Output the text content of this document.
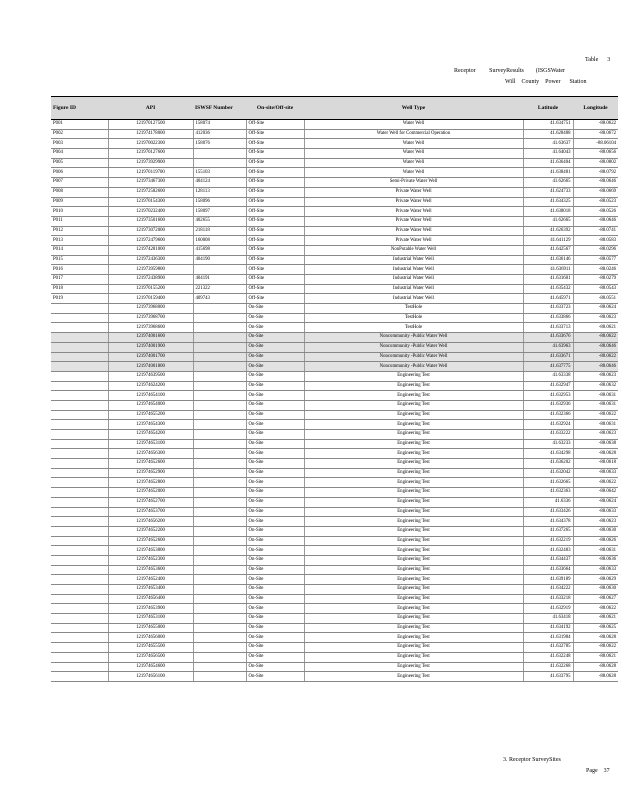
Table 3
Receptor SurveyResults (ISGSWater
Will County Power Station
Figure ID	API	ISWSF Number	On-site/Off-site	Well Type	Latitude	Longitude
P001	121970127500	158074	Off-Site	Water Well	41.634751	-88.0622
P002	121974178000	412036	Off-Site	Water Well for Commercial Operation	41.628488	-88.0672
P003	121970022300	158076	Off-Site	Water Well	41.63637	-88.06104
P004	121970127600		Off-Site	Water Well	41.64043	-88.0656
P005	121973929900		Off-Site	Water Well	41.636404	-88.0802
P006	121970119700	155103	Off-Site	Water Well	41.638481	-88.0792
P007	121973467300	404124	Off-Site	Semi-Private Water Well	41.62665	-88.0646
P008	121972582600	128113	Off-Site	Private Water Well	41.624733	-88.0669
P009	121970154300	158096	Off-Site	Private Water Well	41.634325	-88.0523
P010	121970232400	158097	Off-Site	Private Water Well	41.638018	-88.0526
P011	121973501600	402655	Off-Site	Private Water Well	41.62665	-88.0646
P012	121973072000	218118	Off-Site	Private Water Well	41.626392	-88.0741
P013	121972479600	160008	Off-Site	Private Water Well	41.641129	-88.0583
P014	121974281000	415698	Off-Site	NonPotable Water Well	41.642567	-88.0296
P015	121972436300	404190	Off-Site	Industrial Water Well	41.636146	-88.0577
P016	121973959800		Off-Site	Industrial Water Well	41.636911	-88.0246
P017	121972438900	404191	Off-Site	Industrial Water Well	41.631601	-88.0279
P018	121970155200	221322	Off-Site	Industrial Water Well	41.635432	-88.0543
P019	121970159400	409743	Off-Site	Industrial Water Well	41.645971	-88.0551
	121973968000		On-Site	TestHole	41.633723	-88.0624
	121973968700		On-Site	TestHole	41.633866	-88.0623
	121973968600		On-Site	TestHole	41.633713	-88.0621
	121974001600		On-Site	Noncommunity -Public Water Well	41.633676	-88.0622
	121974001900		On-Site	Noncommunity -Public Water Well	41.63963	-88.0646
	121974001700		On-Site	Noncommunity -Public Water Well	41.633671	-88.0622
	121974001800		On-Site	Noncommunity -Public Water Well	41.637775	-88.0646
	121974639500		On-Site	Engineering Test	41.63338	-88.0623
	121974624200		On-Site	Engineering Test	41.632947	-88.0632
	121974654100		On-Site	Engineering Test	41.632953	-88.0631
	121974654000		On-Site	Engineering Test	41.632936	-88.0631
	121974655200		On-Site	Engineering Test	41.632366	-88.0622
	121974654300		On-Site	Engineering Test	41.632924	-88.0631
	121974654200		On-Site	Engineering Test	41.633222	-88.0623
	121974653100		On-Site	Engineering Test	41.63233	-88.0638
	121974656300		On-Site	Engineering Test	41.634298	-88.0628
	121974652600		On-Site	Engineering Test	41.636202	-88.0618
	121974652900		On-Site	Engineering Test	41.632042	-88.0633
	121974652800		On-Site	Engineering Test	41.632665	-88.0622
	121974652000		On-Site	Engineering Test	41.632363	-88.0642
	121974652700		On-Site	Engineering Test	41.6336	-88.0624
	121974653700		On-Site	Engineering Test	41.633426	-88.0633
	121974656200		On-Site	Engineering Test	41.634378	-88.0623
	121974652200		On-Site	Engineering Test	41.637265	-88.0630
	121974652600		On-Site	Engineering Test	41.632219	-88.0626
	121974653800		On-Site	Engineering Test	41.632483	-88.0631
	121974652300		On-Site	Engineering Test	41.634437	-88.0636
	121974653600		On-Site	Engineering Test	41.633664	-88.0633
	121974652400		On-Site	Engineering Test	41.639189	-88.0629
	121974653400		On-Site	Engineering Test	41.634222	-88.0630
	121974656400		On-Site	Engineering Test	41.633218	-88.0627
	121974653900		On-Site	Engineering Test	41.632919	-88.0622
	121974653100		On-Site	Engineering Test	41.63418	-88.0621
	121974655000		On-Site	Engineering Test	41.634192	-88.0625
	121974656000		On-Site	Engineering Test	41.631984	-88.0628
	121974655500		On-Site	Engineering Test	41.632785	-88.0622
	121974656500		On-Site	Engineering Test	41.632248	-88.0621
	121974654600		On-Site	Engineering Test	41.632268	-88.0628
	121974656100		On-Site	Engineering Test	41.633795	-88.0628
3. Receptor SurveySites
Page 37
